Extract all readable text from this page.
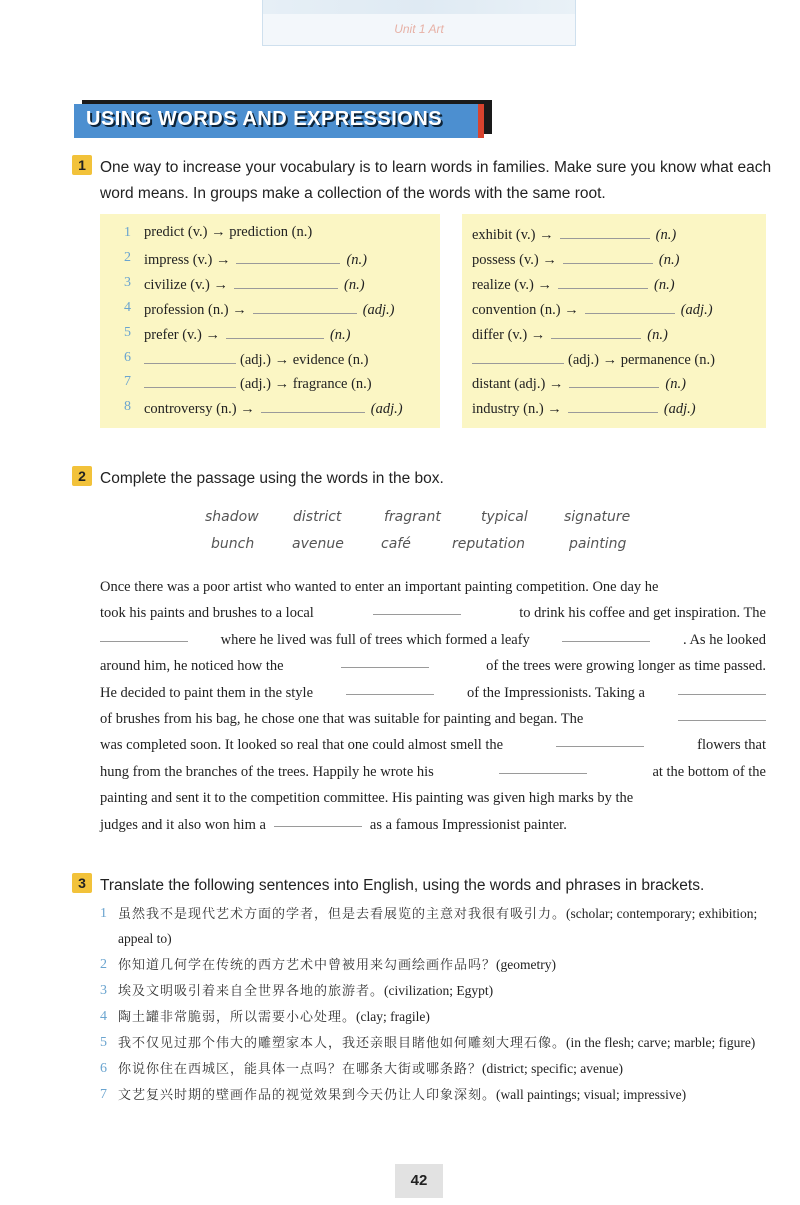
Unit 1 Art
USING WORDS AND EXPRESSIONS
1 One way to increase your vocabulary is to learn words in families. Make sure you know what each word means. In groups make a collection of the words with the same root.
1 predict (v.) → prediction (n.)
2 impress (v.) →	(n.)
3 civilize (v.) →	(n.)
4 profession (n.) →	(adj.)
5 prefer (v.) →	(n.)
6	(adj.) → evidence (n.)
7	(adj.) → fragrance (n.)
8 controversy (n.) →	(adj.)
exhibit (v.) →	(n.)
possess (v.) →	(n.)
realize (v.) →	(n.)
convention (n.) →	(adj.)
differ (v.) →	(n.)
(adj.) → permanence (n.)
distant (adj.) →	(n.)
industry (n.) →	(adj.)
2 Complete the passage using the words in the box.
shadow district	fragrant	typical	signature
bunch	avenue	café	reputation	painting
Once there was a poor artist who wanted to enter an important painting competition. One day he
took his paints and brushes to a local	to drink his coffee and get inspiration. The
where he lived was full of trees which formed a leafy	. As he looked
around him, he noticed how the	of the trees were growing longer as time passed.
He decided to paint them in the style	of the Impressionists. Taking a
of brushes from his bag, he chose one that was suitable for painting and began. The
was completed soon. It looked so real that one could almost smell the	flowers that
hung from the branches of the trees. Happily he wrote his	at the bottom of the
painting and sent it to the competition committee. His painting was given high marks by the
judges and it also won him a	as a famous Impressionist painter.
3 Translate the following sentences into English, using the words and phrases in brackets.
1 虽然我不是现代艺术方面的学者，但是去看展览的主意对我很有吸引力。(scholar; contemporary; exhibition; appeal to)
2 你知道几何学在传统的西方艺术中曾被用来勾画绘画作品吗？(geometry)
3 埃及文明吸引着来自全世界各地的旅游者。(civilization; Egypt)
4 陶土罐非常脆弱，所以需要小心处理。(clay; fragile)
5 我不仅见过那个伟大的雕塑家本人，我还亲眼目睹他如何雕刻大理石像。(in the flesh; carve; marble; figure)
6 你说你住在西城区，能具体一点吗？在哪条大街或哪条路？(district; specific; avenue)
7 文艺复兴时期的壁画作品的视觉效果到今天仍让人印象深刻。(wall paintings; visual; impressive)
42
